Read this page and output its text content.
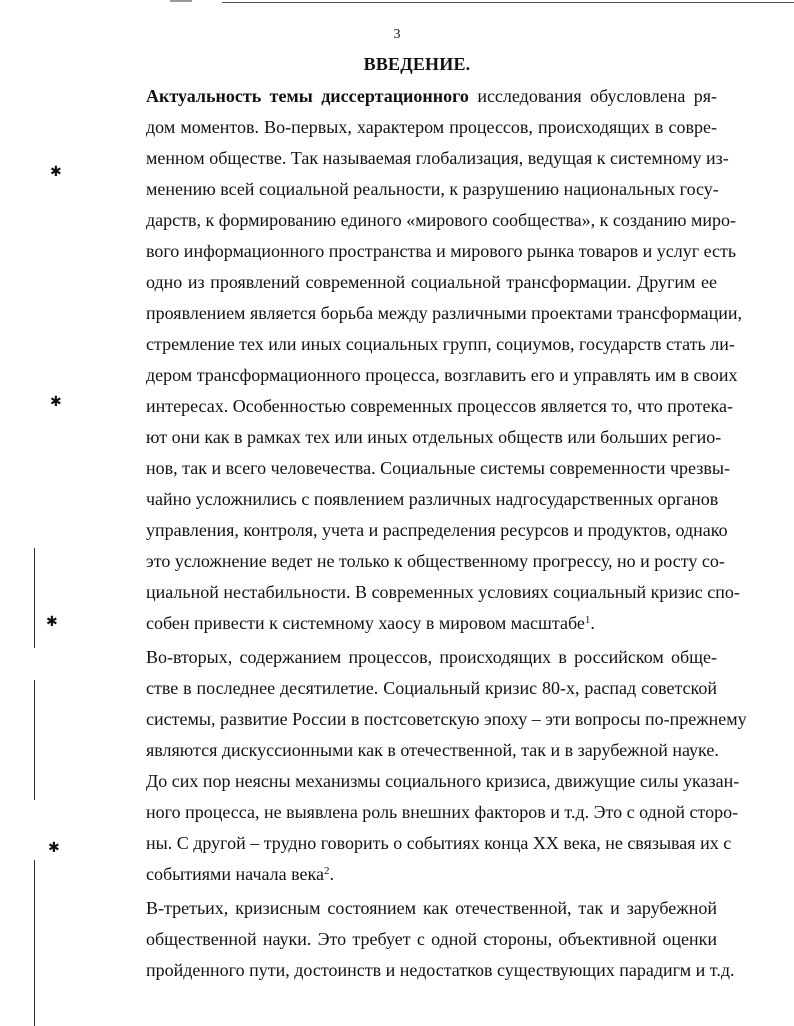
✱
✱
✱
✱
3
ВВЕДЕНИЕ.
Актуальность темы диссертационного исследования обусловлена ря-
дом моментов. Во-первых, характером процессов, происходящих в совре-
менном обществе. Так называемая глобализация, ведущая к системному из-
менению всей социальной реальности, к разрушению национальных госу-
дарств, к формированию единого «мирового сообщества», к созданию миро-
вого информационного пространства и мирового рынка товаров и услуг есть
одно из проявлений современной социальной трансформации. Другим ее
проявлением является борьба между различными проектами трансформации,
стремление тех или иных социальных групп, социумов, государств стать ли-
дером трансформационного процесса, возглавить его и управлять им в своих
интересах. Особенностью современных процессов является то, что протека-
ют они как в рамках тех или иных отдельных обществ или больших регио-
нов, так и всего человечества. Социальные системы современности чрезвы-
чайно усложнились с появлением различных надгосударственных органов
управления, контроля, учета и распределения ресурсов и продуктов, однако
это усложнение ведет не только к общественному прогрессу, но и росту со-
циальной нестабильности. В современных условиях социальный кризис спо-
собен привести к системному хаосу в мировом масштабе$^1$.
Во-вторых, содержанием процессов, происходящих в российском обще-
стве в последнее десятилетие. Социальный кризис 80-х, распад советской
системы, развитие России в постсоветскую эпоху – эти вопросы по-прежнему
являются дискуссионными как в отечественной, так и в зарубежной науке.
До сих пор неясны механизмы социального кризиса, движущие силы указан-
ного процесса, не выявлена роль внешних факторов и т.д. Это с одной сторо-
ны. С другой – трудно говорить о событиях конца XX века, не связывая их с
событиями начала века$^2$.
В-третьих, кризисным состоянием как отечественной, так и зарубежной
общественной науки. Это требует с одной стороны, объективной оценки
пройденного пути, достоинств и недостатков существующих парадигм и т.д.
